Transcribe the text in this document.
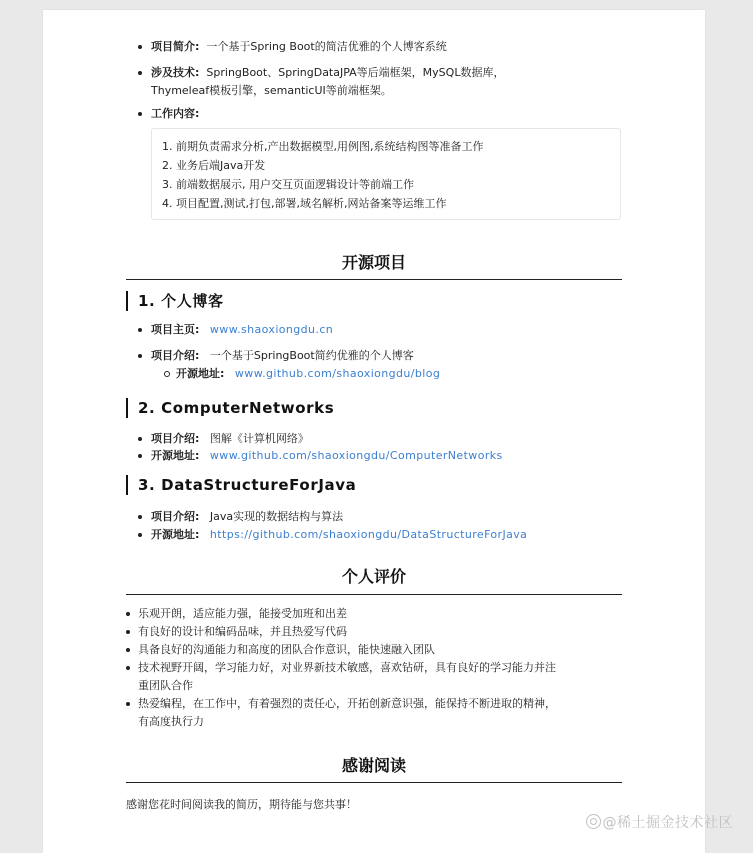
项目简介: 一个基于Spring Boot的简洁优雅的个人博客系统
涉及技术: SpringBoot、SpringDataJPA等后端框架，MySQL数据库，
Thymeleaf模板引擎，semanticUI等前端框架。
工作内容:
1. 前期负责需求分析,产出数据模型,用例图,系统结构图等准备工作
2. 业务后端Java开发
3. 前端数据展示, 用户交互页面逻辑设计等前端工作
4. 项目配置,测试,打包,部署,域名解析,网站备案等运维工作
开源项目
1. 个人博客
项目主页: www.shaoxiongdu.cn
项目介绍: 一个基于SpringBoot简约优雅的个人博客
开源地址: www.github.com/shaoxiongdu/blog
2. ComputerNetworks
项目介绍: 图解《计算机网络》
开源地址: www.github.com/shaoxiongdu/ComputerNetworks
3. DataStructureForJava
项目介绍: Java实现的数据结构与算法
开源地址: https://github.com/shaoxiongdu/DataStructureForJava
个人评价
乐观开朗，适应能力强，能接受加班和出差
有良好的设计和编码品味，并且热爱写代码
具备良好的沟通能力和高度的团队合作意识，能快速融入团队
技术视野开阔，学习能力好，对业界新技术敏感，喜欢钻研，具有良好的学习能力并注
重团队合作
热爱编程，在工作中，有着强烈的责任心，开拓创新意识强，能保持不断进取的精神，
有高度执行力
感谢阅读
感谢您花时间阅读我的简历，期待能与您共事！
@稀土掘金技术社区
